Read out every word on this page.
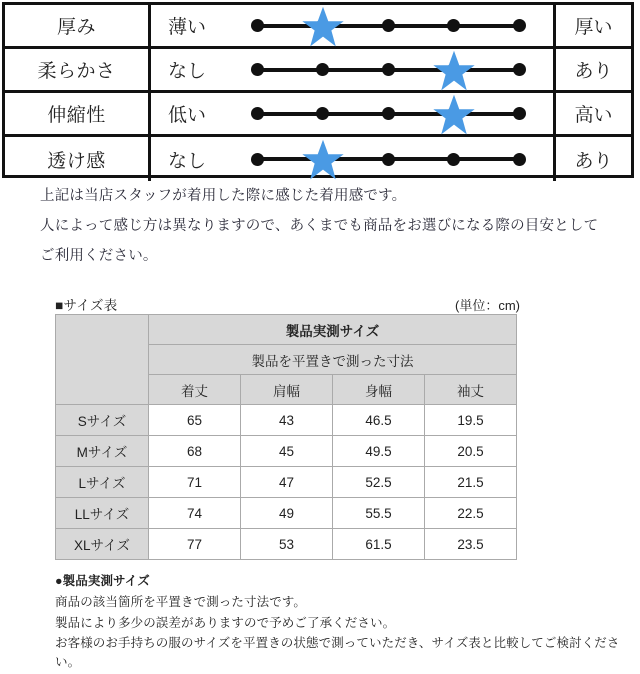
厚み	薄い	厚い
柔らかさ	なし	あり
伸縮性	低い	高い
透け感	なし	あり

上記は当店スタッフが着用した際に感じた着用感です。

人によって感じ方は異なりますので、あくまでも商品をお選びになる際の目安として

ご利用ください。

■サイズ表	(単位：cm)
	製品実測サイズ			
	製品を平置きで測った寸法			
	着丈	肩幅	身幅	袖丈
Sサイズ	65	43	46.5	19.5
Mサイズ	68	45	49.5	20.5
Lサイズ	71	47	52.5	21.5
LLサイズ	74	49	55.5	22.5
XLサイズ	77	53	61.5	23.5

●製品実測サイズ

商品の該当箇所を平置きで測った寸法です。

製品により多少の誤差がありますので予めご了承ください。

お客様のお手持ちの服のサイズを平置きの状態で測っていただき、サイズ表と比較してご検討ください。
